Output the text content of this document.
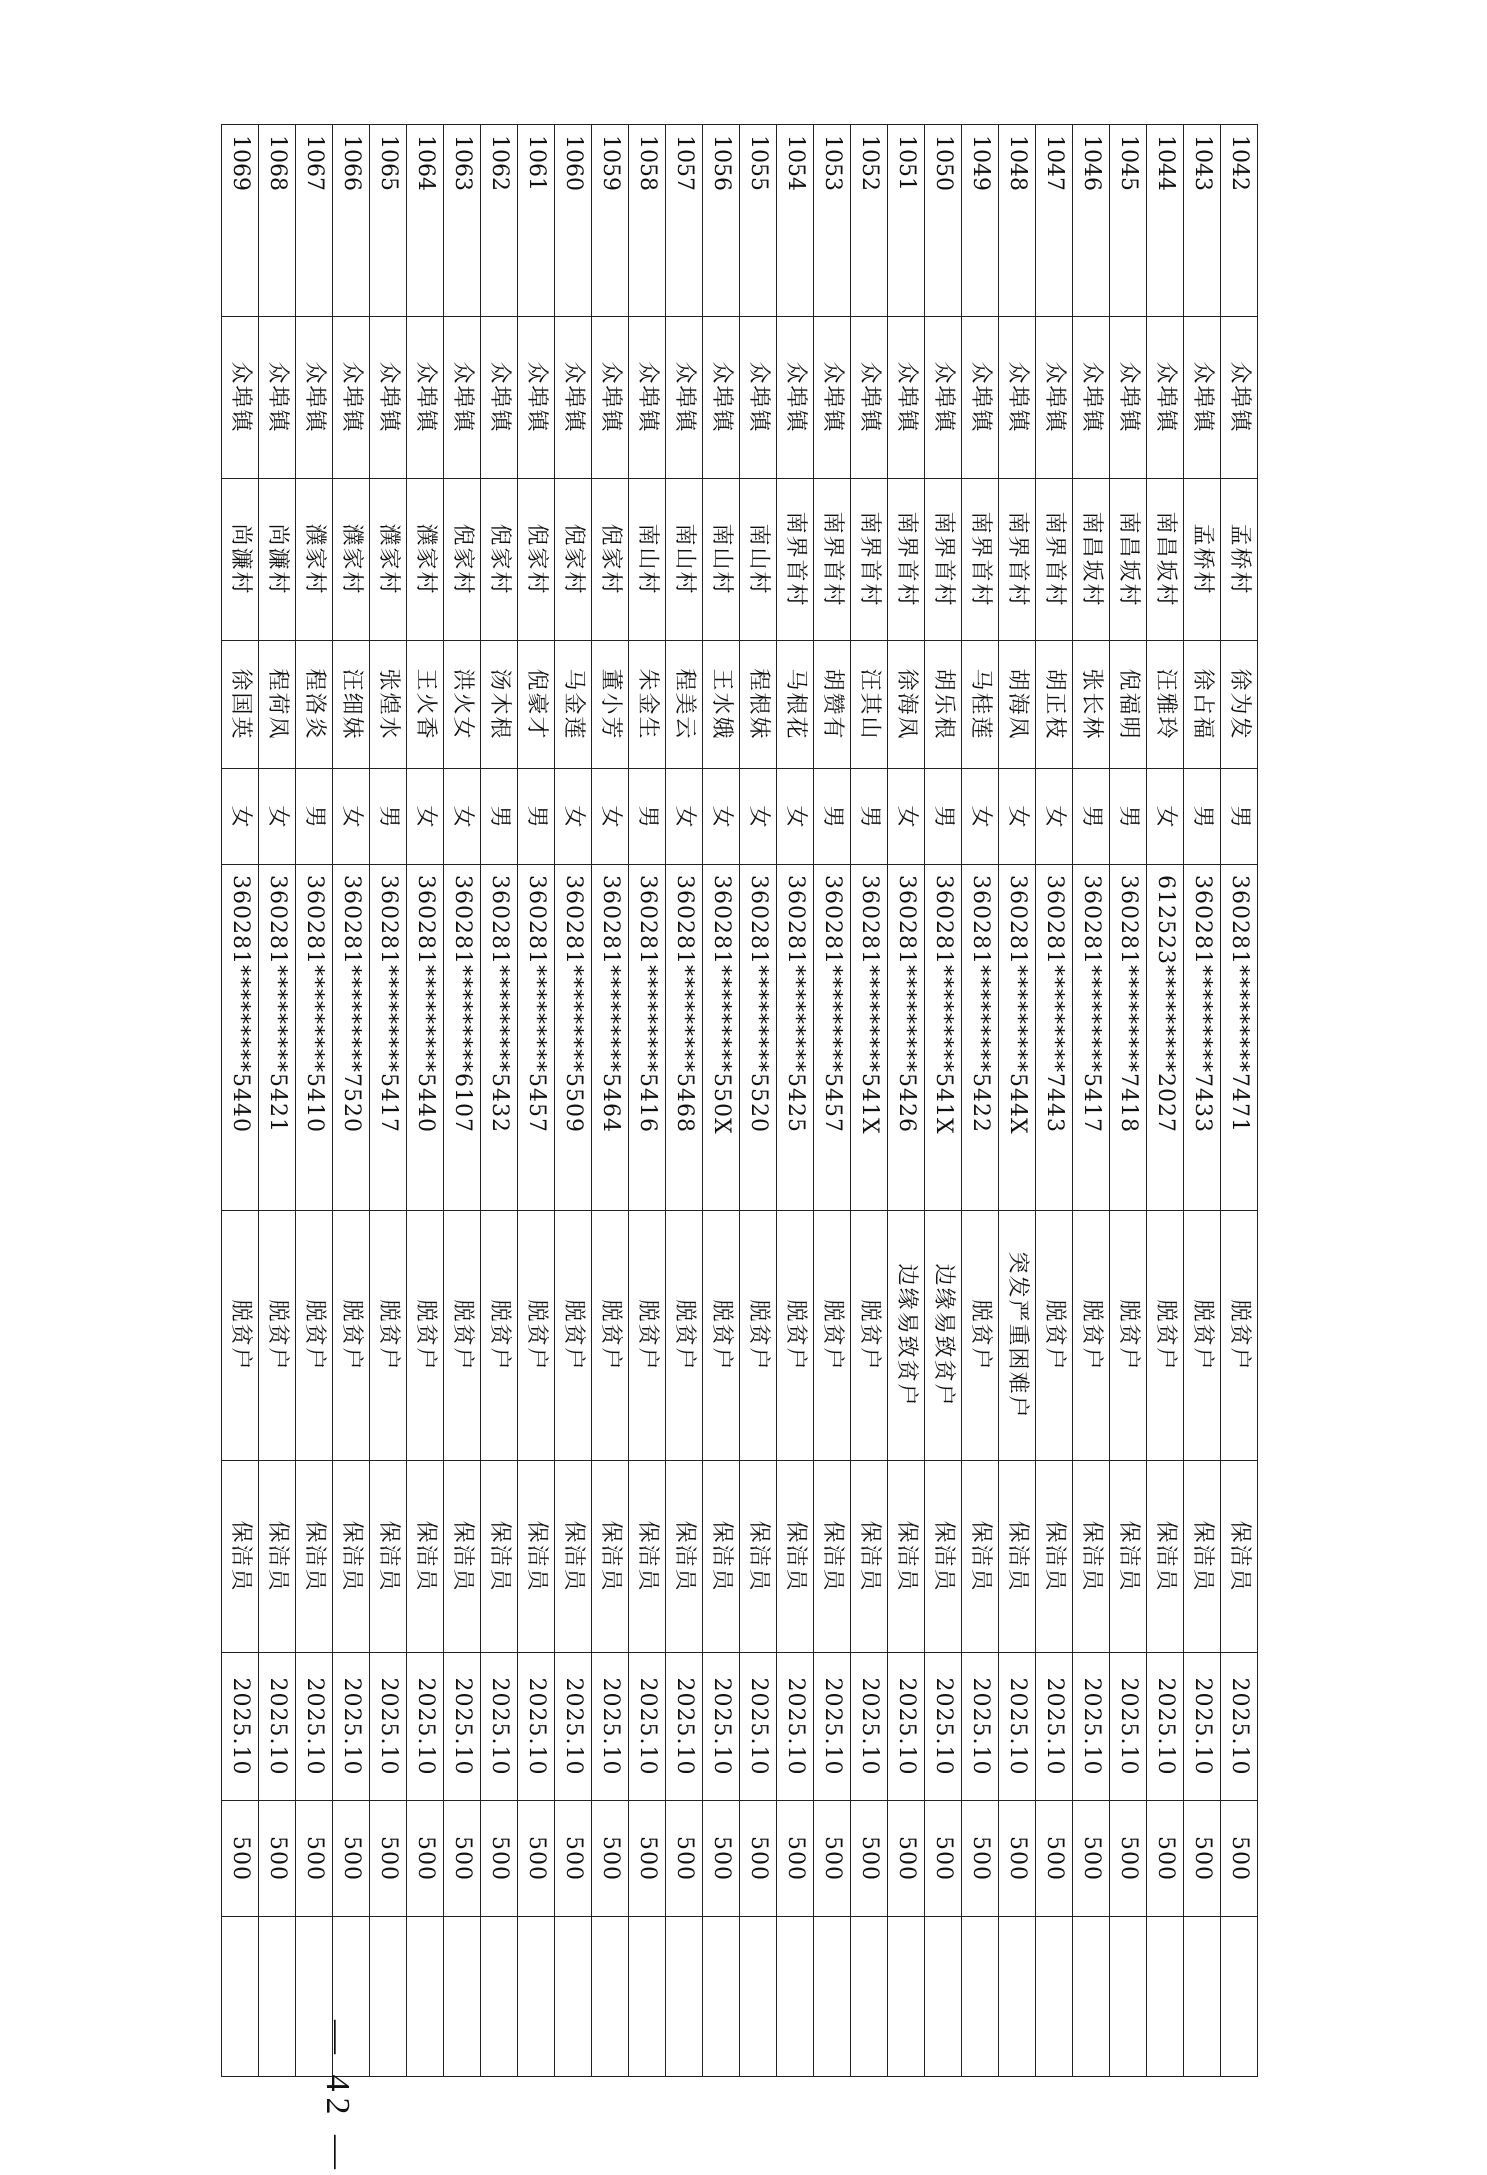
1042	众埠镇	孟桥村	徐为发	男	360281*********7471	脱贫户	保洁员	2025.10	500	
1043	众埠镇	孟桥村	徐占福	男	360281*********7433	脱贫户	保洁员	2025.10	500	
1044	众埠镇	南昌坂村	汪雅玲	女	612523*********2027	脱贫户	保洁员	2025.10	500	
1045	众埠镇	南昌坂村	倪福明	男	360281*********7418	脱贫户	保洁员	2025.10	500	
1046	众埠镇	南昌坂村	张长林	男	360281*********5417	脱贫户	保洁员	2025.10	500	
1047	众埠镇	南界首村	胡正枝	女	360281*********7443	脱贫户	保洁员	2025.10	500	
1048	众埠镇	南界首村	胡海凤	女	360281*********544X	突发严重困难户	保洁员	2025.10	500	
1049	众埠镇	南界首村	马桂莲	女	360281*********5422	脱贫户	保洁员	2025.10	500	
1050	众埠镇	南界首村	胡乐根	男	360281*********541X	边缘易致贫户	保洁员	2025.10	500	
1051	众埠镇	南界首村	徐海凤	女	360281*********5426	边缘易致贫户	保洁员	2025.10	500	
1052	众埠镇	南界首村	汪其山	男	360281*********541X	脱贫户	保洁员	2025.10	500	
1053	众埠镇	南界首村	胡赞有	男	360281*********5457	脱贫户	保洁员	2025.10	500	
1054	众埠镇	南界首村	马根花	女	360281*********5425	脱贫户	保洁员	2025.10	500	
1055	众埠镇	南山村	程根妹	女	360281*********5520	脱贫户	保洁员	2025.10	500	
1056	众埠镇	南山村	王水娥	女	360281*********550X	脱贫户	保洁员	2025.10	500	
1057	众埠镇	南山村	程美云	女	360281*********5468	脱贫户	保洁员	2025.10	500	
1058	众埠镇	南山村	朱金生	男	360281*********5416	脱贫户	保洁员	2025.10	500	
1059	众埠镇	倪家村	董小芳	女	360281*********5464	脱贫户	保洁员	2025.10	500	
1060	众埠镇	倪家村	马金莲	女	360281*********5509	脱贫户	保洁员	2025.10	500	
1061	众埠镇	倪家村	倪豪才	男	360281*********5457	脱贫户	保洁员	2025.10	500	
1062	众埠镇	倪家村	汤木根	男	360281*********5432	脱贫户	保洁员	2025.10	500	
1063	众埠镇	倪家村	洪火女	女	360281*********6107	脱贫户	保洁员	2025.10	500	
1064	众埠镇	濮家村	王火香	女	360281*********5440	脱贫户	保洁员	2025.10	500	
1065	众埠镇	濮家村	张煌水	男	360281*********5417	脱贫户	保洁员	2025.10	500	
1066	众埠镇	濮家村	汪细妹	女	360281*********7520	脱贫户	保洁员	2025.10	500	
1067	众埠镇	濮家村	程洛炎	男	360281*********5410	脱贫户	保洁员	2025.10	500	
1068	众埠镇	尚濂村	程荷凤	女	360281*********5421	脱贫户	保洁员	2025.10	500	
1069	众埠镇	尚濂村	徐国英	女	360281*********5440	脱贫户	保洁员	2025.10	500	
— 42 —
